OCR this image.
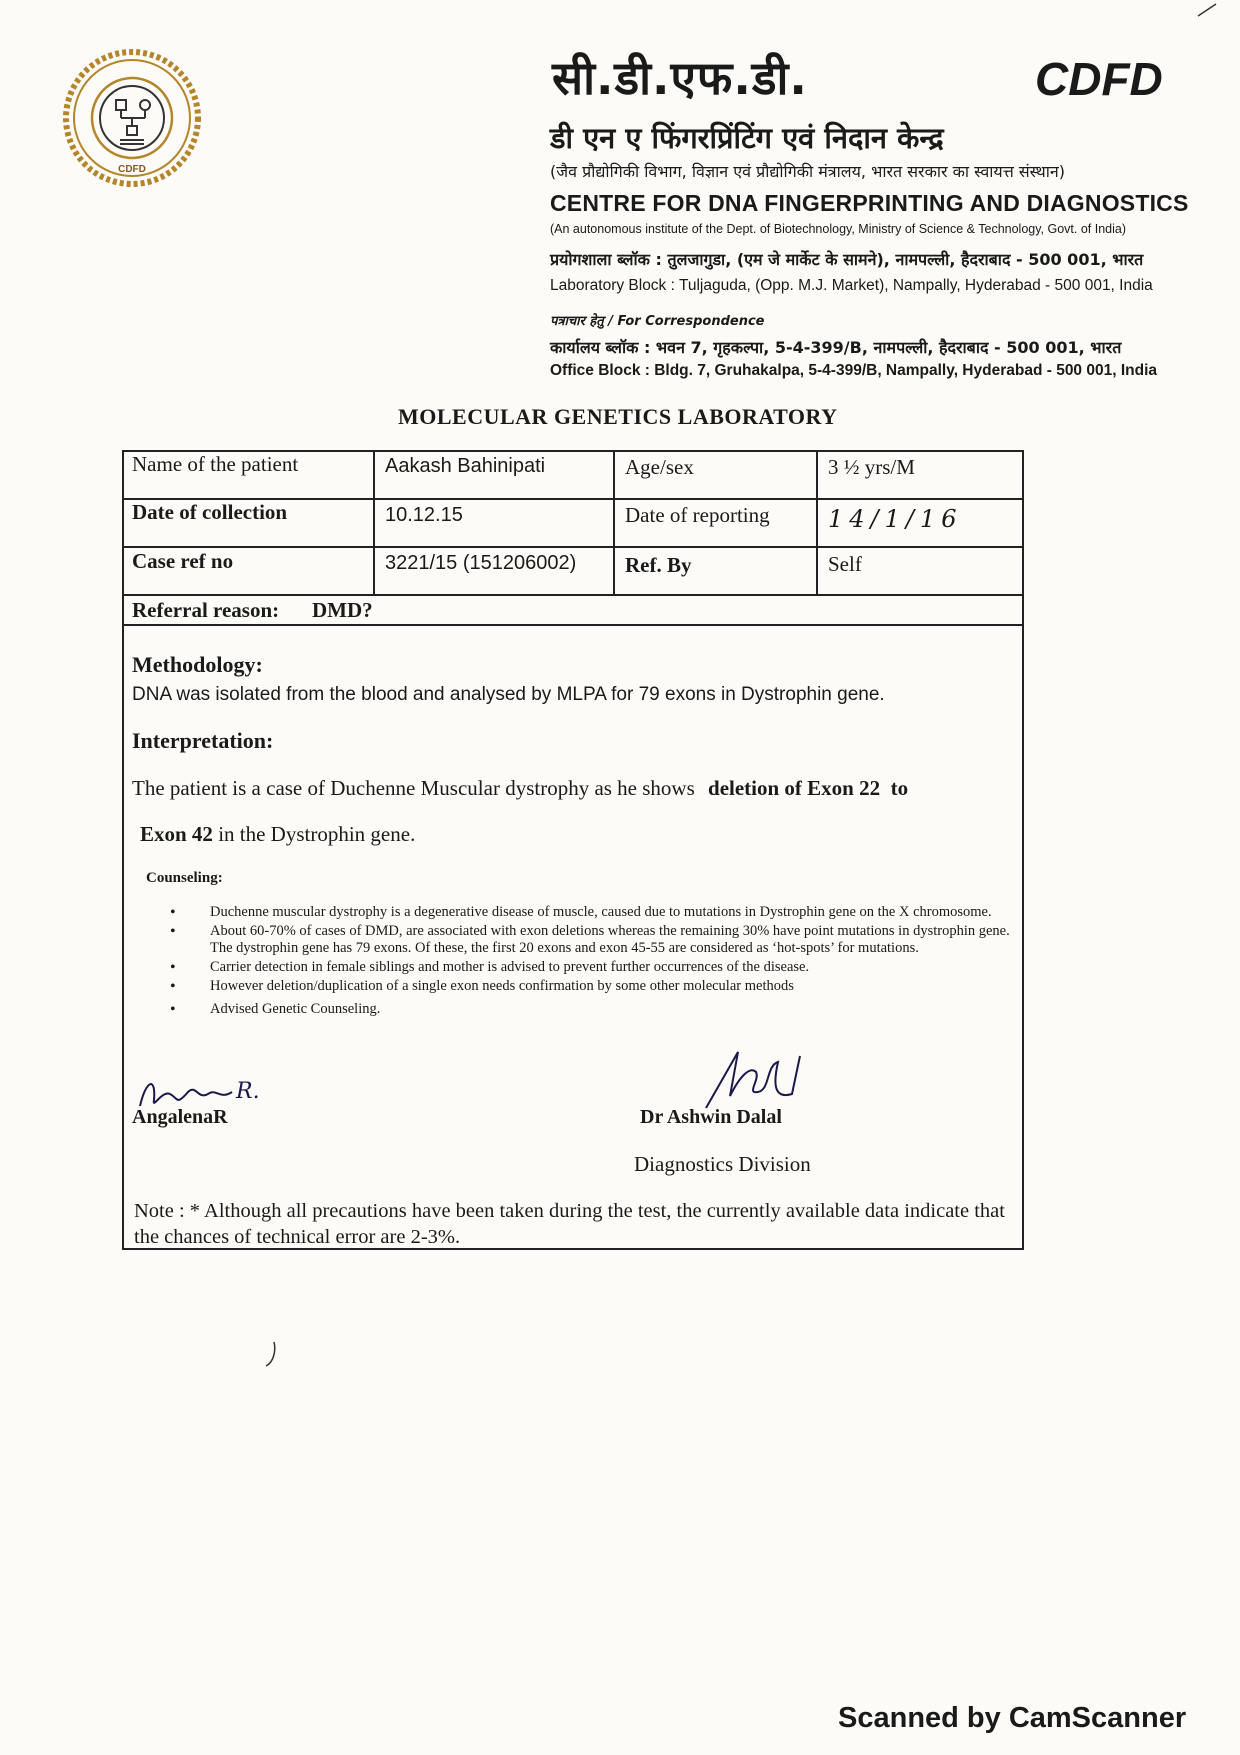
CDFD
सी.डी.एफ.डी.	CDFD
डी एन ए फिंगरप्रिंटिंग एवं निदान केन्द्र
(जैव प्रौद्योगिकी विभाग, विज्ञान एवं प्रौद्योगिकी मंत्रालय, भारत सरकार का स्वायत्त संस्थान)
CENTRE FOR DNA FINGERPRINTING AND DIAGNOSTICS
(An autonomous institute of the Dept. of Biotechnology, Ministry of Science & Technology, Govt. of India)
प्रयोगशाला ब्लॉक : तुलजागुडा, (एम जे मार्केट के सामने), नामपल्ली, हैदराबाद - 500 001, भारत
Laboratory Block : Tuljaguda, (Opp. M.J. Market), Nampally, Hyderabad - 500 001, India
पत्राचार हेतु / For Correspondence
कार्यालय ब्लॉक : भवन 7, गृहकल्पा, 5-4-399/B, नामपल्ली, हैदराबाद - 500 001, भारत
Office Block : Bldg. 7, Gruhakalpa, 5-4-399/B, Nampally, Hyderabad - 500 001, India
MOLECULAR GENETICS LABORATORY
Name of the patient	Aakash Bahinipati	Age/sex	3 ½ yrs/M
Date of collection	10.12.15	Date of reporting 14/1/16
Case ref no	3221/15 (151206002) Ref. By	Self
Referral reason: DMD?
Methodology:
DNA was isolated from the blood and analysed by MLPA for 79 exons in Dystrophin gene.
Interpretation:
The patient is a case of Duchenne Muscular dystrophy as he shows deletion of Exon 22  to
Exon 42 in the Dystrophin gene.
Counseling:
• Duchenne muscular dystrophy is a degenerative disease of muscle, caused due to mutations in Dystrophin gene on the X chromosome.
• About 60-70% of cases of DMD, are associated with exon deletions whereas the remaining 30% have point mutations in dystrophin gene. The dystrophin gene has 79 exons. Of these, the first 20 exons and exon 45-55 are considered as ‘hot-spots’ for mutations.
• Carrier detection in female siblings and mother is advised to prevent further occurrences of the disease.
• However deletion/duplication of a single exon needs confirmation by some other molecular methods
• Advised Genetic Counseling.
R.
AngalenaR	Dr Ashwin Dalal
Diagnostics Division
Note : * Although all precautions have been taken during the test, the currently available data indicate that the chances of technical error are 2-3%.
Scanned by CamScanner
